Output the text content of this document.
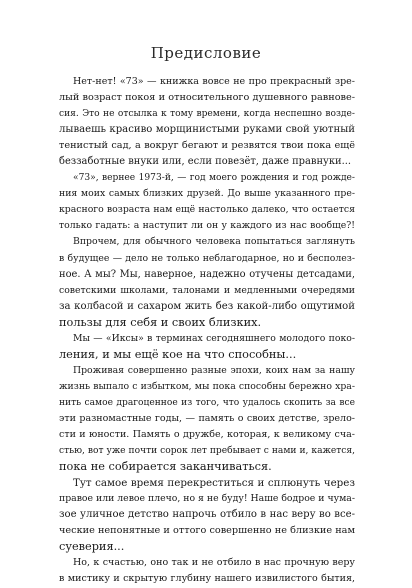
Предисловие
Нет-нет! «73» — книжка вовсе не про прекрасный зре-
лый возраст покоя и относительного душевного равнове-
сия. Это не отсылка к тому времени, когда неспешно возде-
лываешь красиво морщинистыми руками свой уютный
тенистый сад, а вокруг бегают и резвятся твои пока ещё
беззаботные внуки или, если повезёт, даже правнуки...
«73», вернее 1973-й, — год моего рождения и год рожде-
ния моих самых близких друзей. До выше указанного пре-
красного возраста нам ещё настолько далеко, что остается
только гадать: а наступит ли он у каждого из нас вообще?!
Впрочем, для обычного человека попытаться заглянуть
в будущее — дело не только неблагодарное, но и бесполез-
ное. А мы? Мы, наверное, надежно отучены детсадами,
советскими школами, талонами и медленными очередями
за колбасой и сахаром жить без какой-либо ощутимой
пользы для себя и своих близких.
Мы — «Иксы» в терминах сегодняшнего молодого поко-
ления, и мы ещё кое на что способны...
Проживая совершенно разные эпохи, коих нам за нашу
жизнь выпало с избытком, мы пока способны бережно хра-
нить самое драгоценное из того, что удалось скопить за все
эти разномастные годы, — память о своих детстве, зрело-
сти и юности. Память о дружбе, которая, к великому сча-
стью, вот уже почти сорок лет пребывает с нами и, кажется,
пока не собирается заканчиваться.
Тут самое время перекреститься и сплюнуть через
правое или левое плечо, но я не буду! Наше бодрое и чума-
зое уличное детство напрочь отбило в нас веру во все-
ческие непонятные и оттого совершенно не близкие нам
суеверия...
Но, к счастью, оно так и не отбило в нас прочную веру
в мистику и скрытую глубину нашего извилистого бытия,
